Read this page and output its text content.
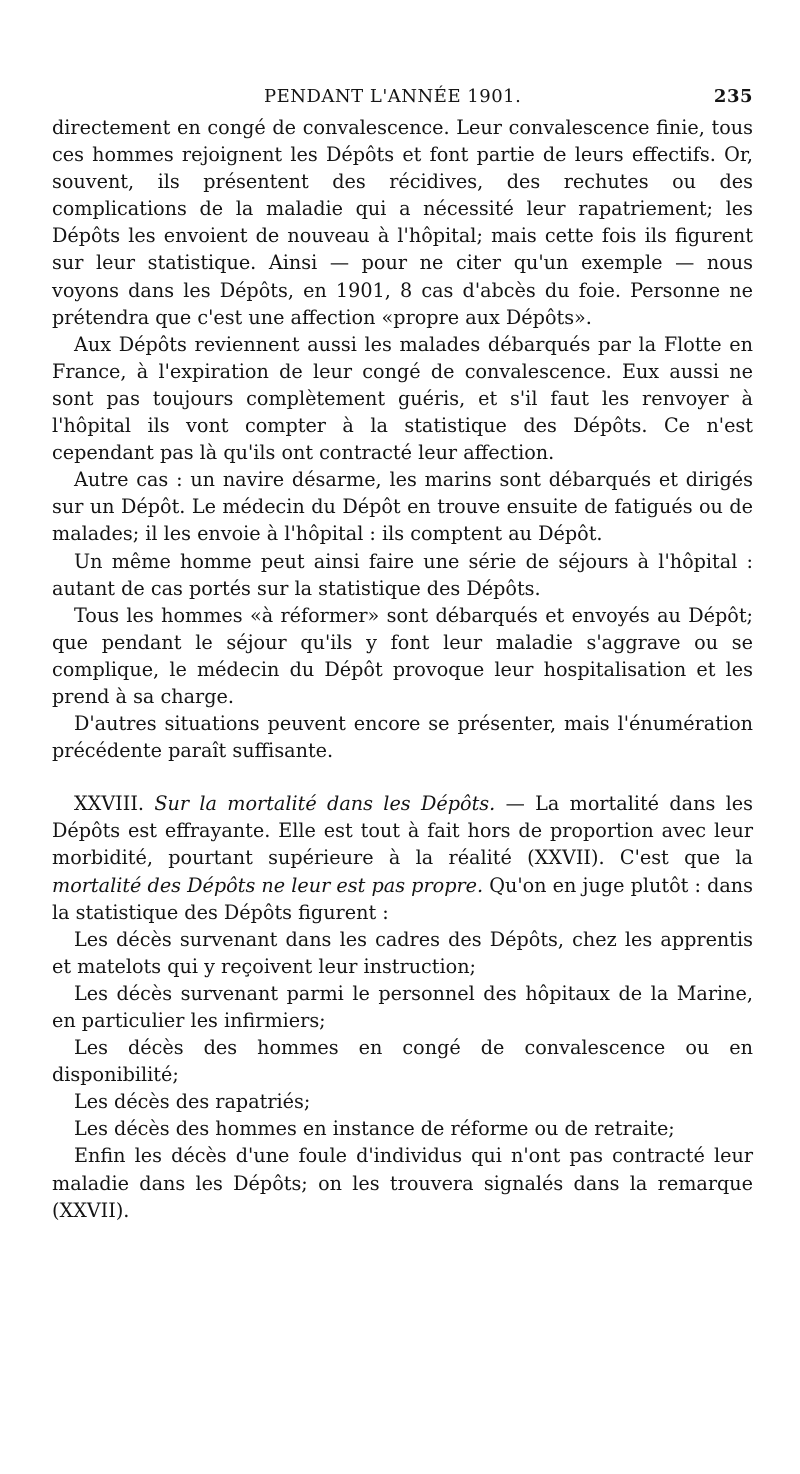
PENDANT L'ANNÉE 1901.	235

directement en congé de convalescence. Leur convalescence finie, tous ces hommes rejoignent les Dépôts et font partie de leurs effectifs. Or, souvent, ils présentent des récidives, des rechutes ou des complications de la maladie qui a nécessité leur rapatriement; les Dépôts les envoient de nouveau à l'hôpital; mais cette fois ils figurent sur leur statistique. Ainsi — pour ne citer qu'un exemple — nous voyons dans les Dépôts, en 1901, 8 cas d'abcès du foie. Personne ne prétendra que c'est une affection «propre aux Dépôts».

Aux Dépôts reviennent aussi les malades débarqués par la Flotte en France, à l'expiration de leur congé de convalescence. Eux aussi ne sont pas toujours complètement guéris, et s'il faut les renvoyer à l'hôpital ils vont compter à la statistique des Dépôts. Ce n'est cependant pas là qu'ils ont contracté leur affection.

Autre cas : un navire désarme, les marins sont débarqués et dirigés sur un Dépôt. Le médecin du Dépôt en trouve ensuite de fatigués ou de malades; il les envoie à l'hôpital : ils comptent au Dépôt.

Un même homme peut ainsi faire une série de séjours à l'hôpital : autant de cas portés sur la statistique des Dépôts.

Tous les hommes «à réformer» sont débarqués et envoyés au Dépôt; que pendant le séjour qu'ils y font leur maladie s'aggrave ou se complique, le médecin du Dépôt provoque leur hospitalisation et les prend à sa charge.

D'autres situations peuvent encore se présenter, mais l'énumération précédente paraît suffisante.

XXVIII. Sur la mortalité dans les Dépôts. — La mortalité dans les Dépôts est effrayante. Elle est tout à fait hors de proportion avec leur morbidité, pourtant supérieure à la réalité (XXVII). C'est que la mortalité des Dépôts ne leur est pas propre. Qu'on en juge plutôt : dans la statistique des Dépôts figurent :

Les décès survenant dans les cadres des Dépôts, chez les apprentis et matelots qui y reçoivent leur instruction;

Les décès survenant parmi le personnel des hôpitaux de la Marine, en particulier les infirmiers;

Les décès des hommes en congé de convalescence ou en disponibilité;

Les décès des rapatriés;

Les décès des hommes en instance de réforme ou de retraite;

Enfin les décès d'une foule d'individus qui n'ont pas contracté leur maladie dans les Dépôts; on les trouvera signalés dans la remarque (XXVII).
